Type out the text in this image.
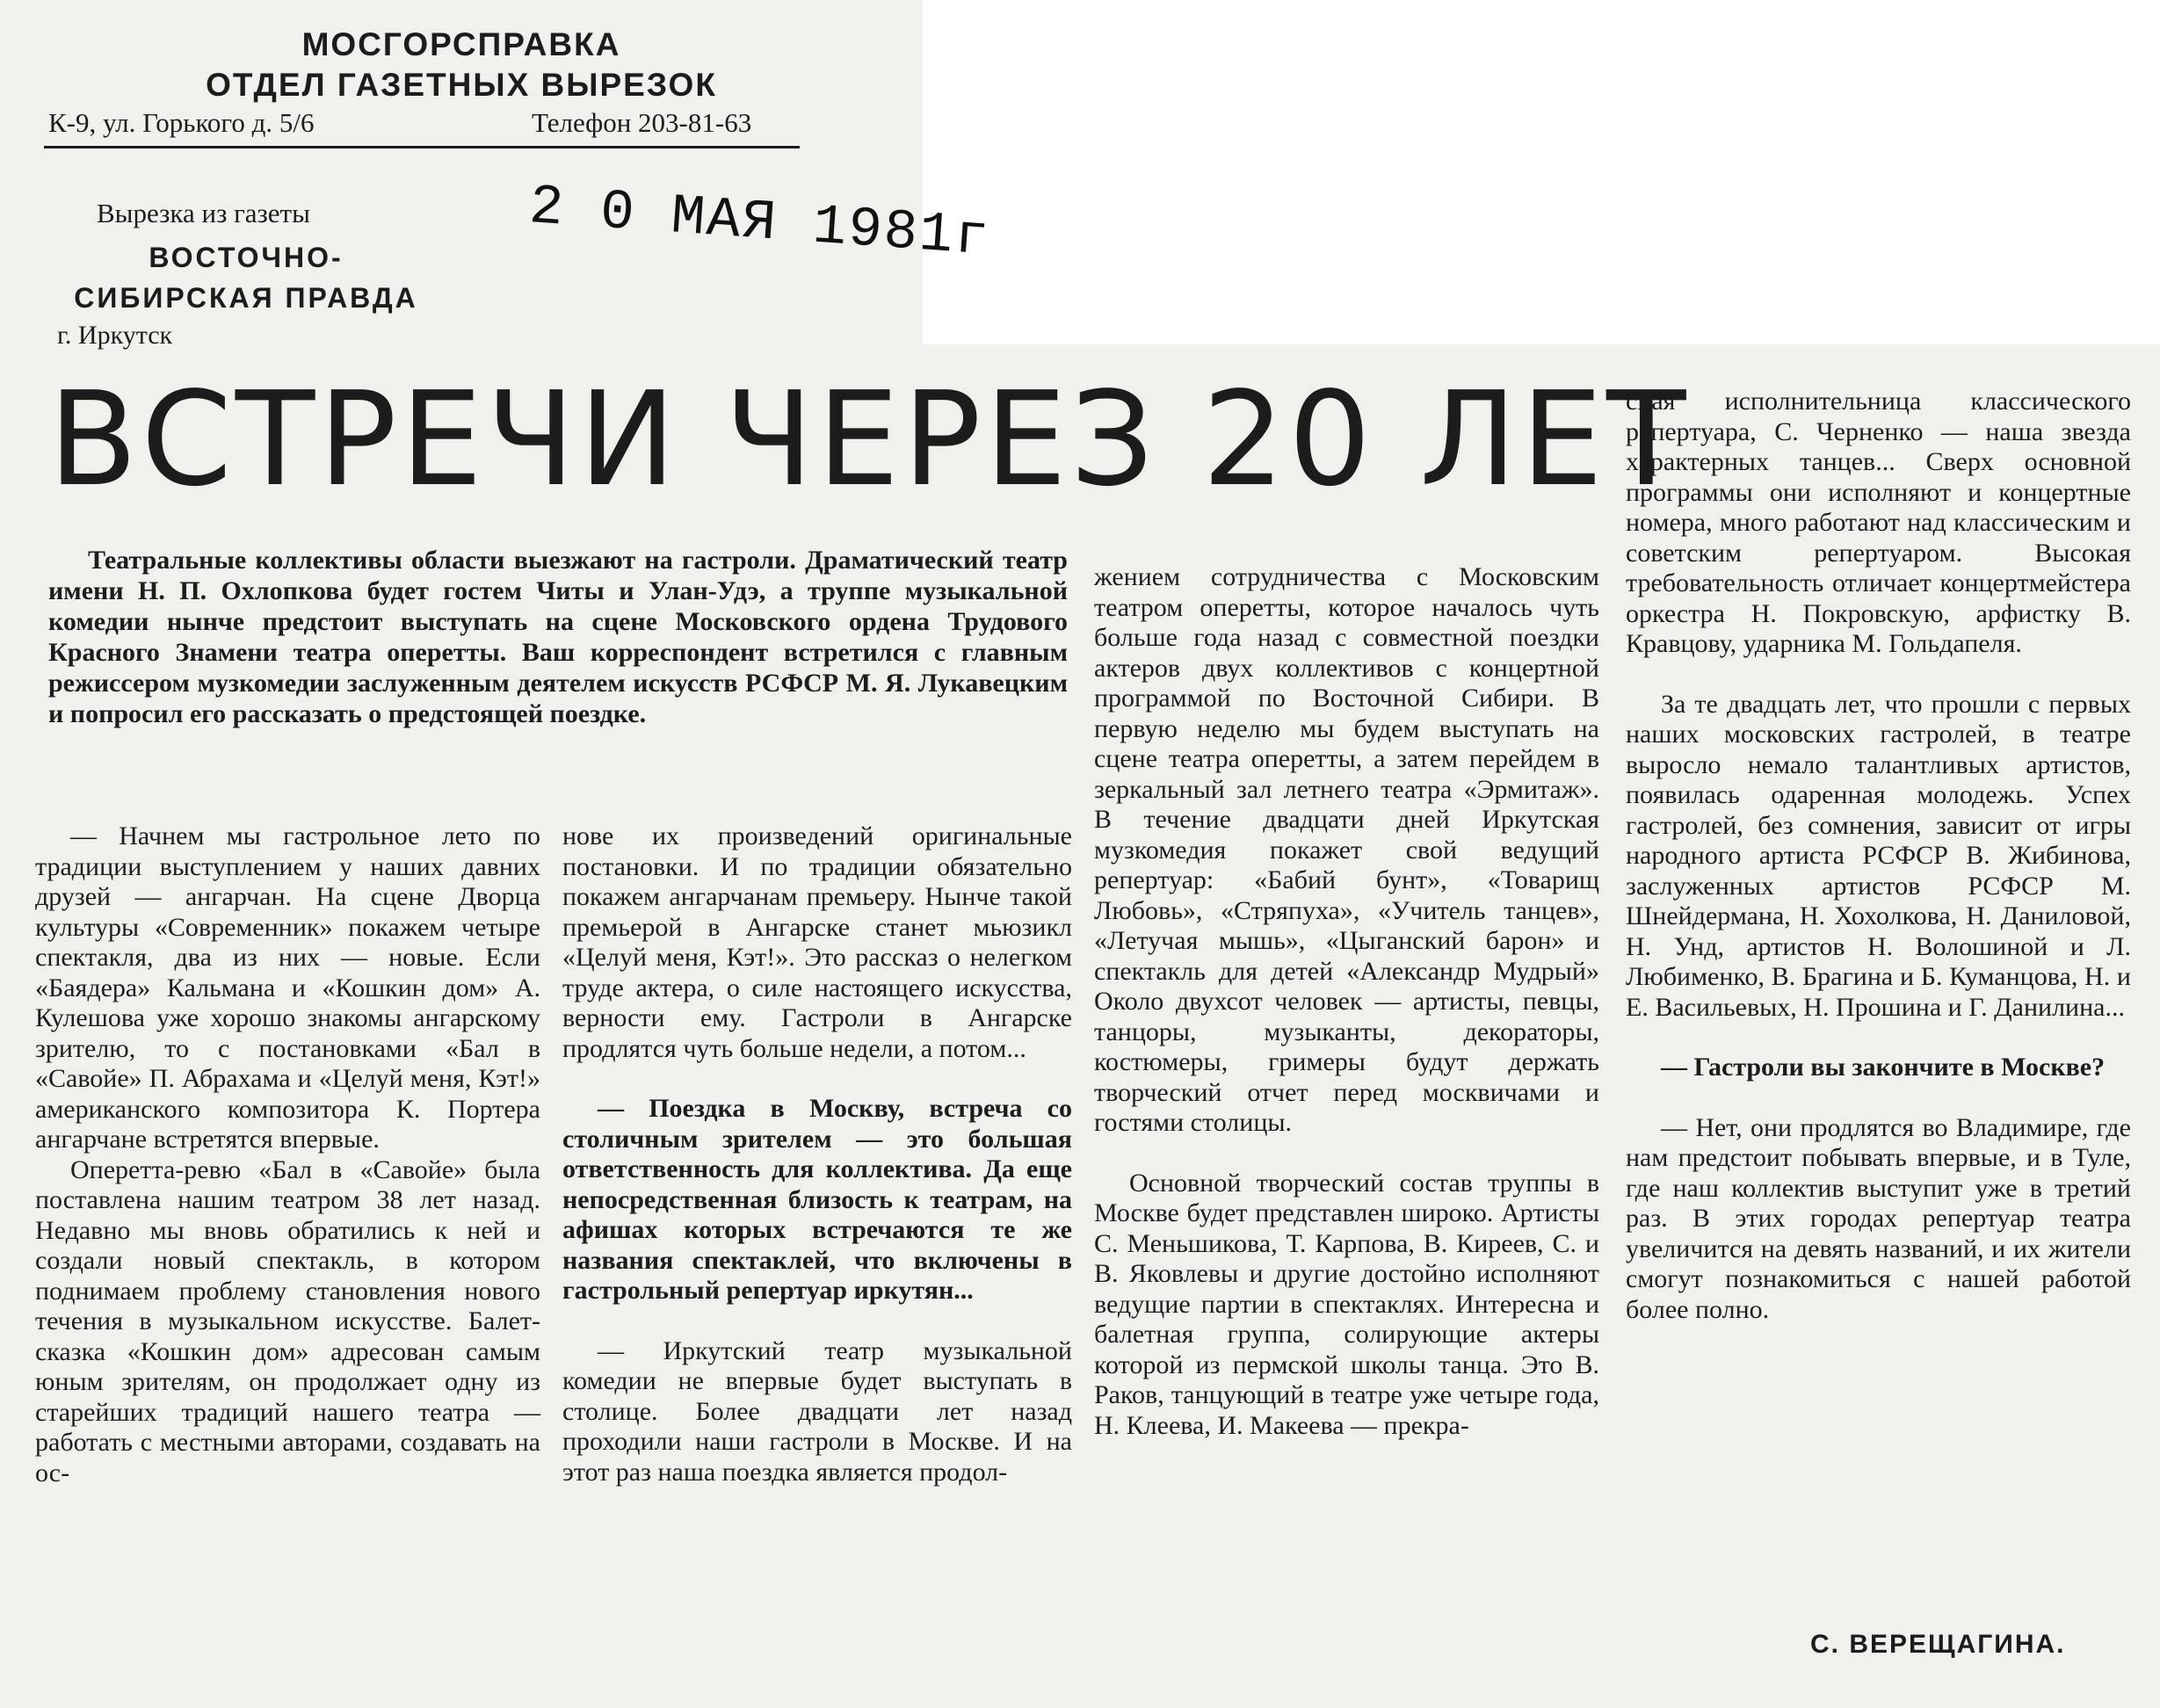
МОСГОРСПРАВКА
ОТДЕЛ ГАЗЕТНЫХ ВЫРЕЗОК
К-9, ул. Горького д. 5/6	Телефон 203-81-63
Вырезка из газеты
ВОСТОЧНО-
СИБИРСКАЯ ПРАВДА
г. Иркутск
2 0 МАЯ 1981г
ВСТРЕЧИ ЧЕРЕЗ 20 ЛЕТ
Театральные коллективы области выезжают на гастроли. Драматический театр имени Н. П. Охлопкова будет гостем Читы и Улан-Удэ, а труппе музыкальной комедии нынче предстоит выступать на сцене Московского ордена Трудового Красного Знамени театра оперетты. Ваш корреспондент встретился с главным режиссером музкомедии заслуженным деятелем искусств РСФСР М. Я. Лукавецким и попросил его рассказать о предстоящей поездке.

— Начнем мы гастрольное лето по традиции выступлением у наших давних друзей — ангарчан. На сцене Дворца культуры «Современник» покажем четыре спектакля, два из них — новые. Если «Баядера» Кальмана и «Кошкин дом» А. Кулешова уже хорошо знакомы ангарскому зрителю, то с постановками «Бал в «Савойе» П. Абрахама и «Целуй меня, Кэт!» американского композитора К. Портера ангарчане встретятся впервые.

Оперетта-ревю «Бал в «Савойе» была поставлена нашим театром 38 лет назад. Недавно мы вновь обратились к ней и создали новый спектакль, в котором поднимаем проблему становления нового течения в музыкальном искусстве. Балет-сказка «Кошкин дом» адресован самым юным зрителям, он продолжает одну из старейших традиций нашего театра — работать с местными авторами, создавать на ос-

нове их произведений оригинальные постановки. И по традиции обязательно покажем ангарчанам премьеру. Нынче такой премьерой в Ангарске станет мьюзикл «Целуй меня, Кэт!». Это рассказ о нелегком труде актера, о силе настоящего искусства, верности ему. Гастроли в Ангарске продлятся чуть больше недели, а потом...

— Поездка в Москву, встреча со столичным зрителем — это большая ответственность для коллектива. Да еще непосредственная близость к театрам, на афишах которых встречаются те же названия спектаклей, что включены в гастрольный репертуар иркутян...

— Иркутский театр музыкальной комедии не впервые будет выступать в столице. Более двадцати лет назад проходили наши гастроли в Москве. И на этот раз наша поездка является продол-

жением сотрудничества с Московским театром оперетты, которое началось чуть больше года назад с совместной поездки актеров двух коллективов с концертной программой по Восточной Сибири. В первую неделю мы будем выступать на сцене театра оперетты, а затем перейдем в зеркальный зал летнего театра «Эрмитаж». В течение двадцати дней Иркутская музкомедия покажет свой ведущий репертуар: «Бабий бунт», «Товарищ Любовь», «Стряпуха», «Учитель танцев», «Летучая мышь», «Цыганский барон» и спектакль для детей «Александр Мудрый» Около двухсот человек — артисты, певцы, танцоры, музыканты, декораторы, костюмеры, гримеры будут держать творческий отчет перед москвичами и гостями столицы.

Основной творческий состав труппы в Москве будет представлен широко. Артисты С. Меньшикова, Т. Карпова, В. Киреев, С. и В. Яковлевы и другие достойно исполняют ведущие партии в спектаклях. Интересна и балетная группа, солирующие актеры которой из пермской школы танца. Это В. Раков, танцующий в театре уже четыре года, Н. Клеева, И. Макеева — прекра-

сная исполнительница классического репертуара, С. Черненко — наша звезда характерных танцев... Сверх основной программы они исполняют и концертные номера, много работают над классическим и советским репертуаром. Высокая требовательность отличает концертмейстера оркестра Н. Покровскую, арфистку В. Кравцову, ударника М. Гольдапеля.

За те двадцать лет, что прошли с первых наших московских гастролей, в театре выросло немало талантливых артистов, появилась одаренная молодежь. Успех гастролей, без сомнения, зависит от игры народного артиста РСФСР В. Жибинова, заслуженных артистов РСФСР М. Шнейдермана, Н. Хохолкова, Н. Даниловой, Н. Унд, артистов Н. Волошиной и Л. Любименко, В. Брагина и Б. Куманцова, Н. и Е. Васильевых, Н. Прошина и Г. Данилина...

— Гастроли вы закончите в Москве?

— Нет, они продлятся во Владимире, где нам предстоит побывать впервые, и в Туле, где наш коллектив выступит уже в третий раз. В этих городах репертуар театра увеличится на девять названий, и их жители смогут познакомиться с нашей работой более полно.

С. ВЕРЕЩАГИНА.
